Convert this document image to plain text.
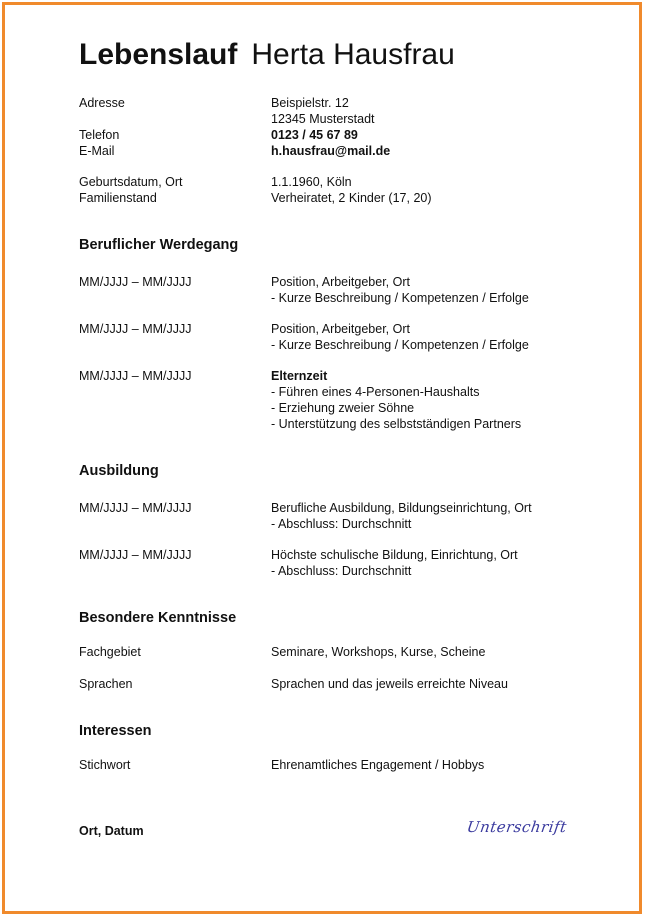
Lebenslauf Herta Hausfrau
Adresse	Beispielstr. 12
12345 Musterstadt
Telefon	0123 / 45 67 89
E-Mail	h.hausfrau@mail.de
Geburtsdatum, Ort	1.1.1960, Köln
Familienstand	Verheiratet, 2 Kinder (17, 20)
Beruflicher Werdegang
MM/JJJJ – MM/JJJJ	Position, Arbeitgeber, Ort
- Kurze Beschreibung / Kompetenzen / Erfolge
MM/JJJJ – MM/JJJJ	Position, Arbeitgeber, Ort
- Kurze Beschreibung / Kompetenzen / Erfolge
MM/JJJJ – MM/JJJJ	Elternzeit
- Führen eines 4-Personen-Haushalts
- Erziehung zweier Söhne
- Unterstützung des selbstständigen Partners
Ausbildung
MM/JJJJ – MM/JJJJ	Berufliche Ausbildung, Bildungseinrichtung, Ort
- Abschluss: Durchschnitt
MM/JJJJ – MM/JJJJ	Höchste schulische Bildung, Einrichtung, Ort
- Abschluss: Durchschnitt
Besondere Kenntnisse
Fachgebiet	Seminare, Workshops, Kurse, Scheine
Sprachen	Sprachen und das jeweils erreichte Niveau
Interessen
Stichwort	Ehrenamtliches Engagement / Hobbys
Ort, Datum	Unterschrift
